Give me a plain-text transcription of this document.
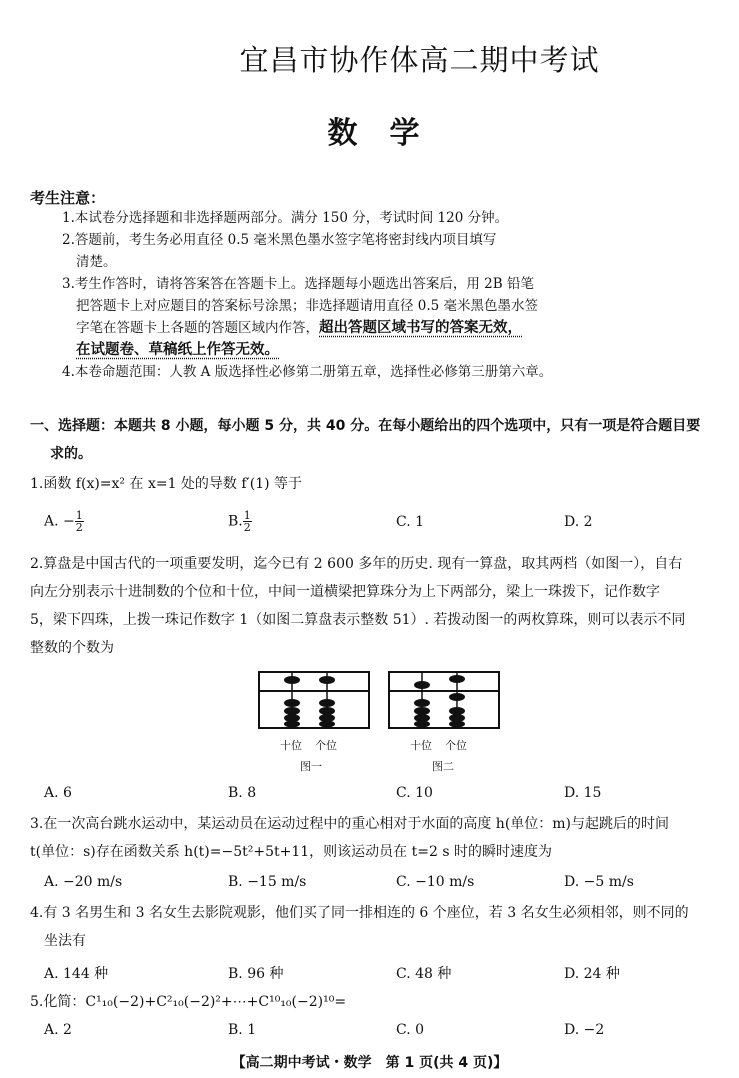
宜昌市协作体高二期中考试
数学
考生注意：
1.本试卷分选择题和非选择题两部分。满分 150 分，考试时间 120 分钟。
2.答题前，考生务必用直径 0.5 毫米黑色墨水签字笔将密封线内项目填写
清楚。
3.考生作答时，请将答案答在答题卡上。选择题每小题选出答案后，用 2B 铅笔
把答题卡上对应题目的答案标号涂黑；非选择题请用直径 0.5 毫米黑色墨水签
字笔在答题卡上各题的答题区域内作答，超出答题区域书写的答案无效，
在试题卷、草稿纸上作答无效。
4.本卷命题范围：人教 A 版选择性必修第二册第五章，选择性必修第三册第六章。
一、选择题：本题共 8 小题，每小题 5 分，共 40 分。在每小题给出的四个选项中，只有一项是符合题目要
求的。
1.函数 f(x)=x² 在 x=1 处的导数 f′(1) 等于
A. − $\frac{1}{2}$	B. $\frac{1}{2}$	C. 1	D. 2
2.算盘是中国古代的一项重要发明，迄今已有 2 600 多年的历史. 现有一算盘，取其两档（如图一），自右
向左分别表示十进制数的个位和十位，中间一道横梁把算珠分为上下两部分，梁上一珠拨下，记作数字
5，梁下四珠，上拨一珠记作数字 1（如图二算盘表示整数 51）. 若拨动图一的两枚算珠，则可以表示不同
整数的个数为
十位 个位
图一
十位 个位
图二
A. 6	B. 8	C. 10	D. 15
3.在一次高台跳水运动中，某运动员在运动过程中的重心相对于水面的高度 h(单位：m)与起跳后的时间
t(单位：s)存在函数关系 h(t)=−5t²+5t+11，则该运动员在 t=2 s 时的瞬时速度为
A. −20 m/s	B. −15 m/s	C. −10 m/s	D. −5 m/s
4.有 3 名男生和 3 名女生去影院观影，他们买了同一排相连的 6 个座位，若 3 名女生必须相邻，则不同的
坐法有
A. 144 种	B. 96 种	C. 48 种	D. 24 种
5.化简：C¹₁₀(−2)+C²₁₀(−2)²+⋯+C¹⁰₁₀(−2)¹⁰=
A. 2	B. 1	C. 0	D. −2
【高二期中考试・数学　第 1 页(共 4 页)】
